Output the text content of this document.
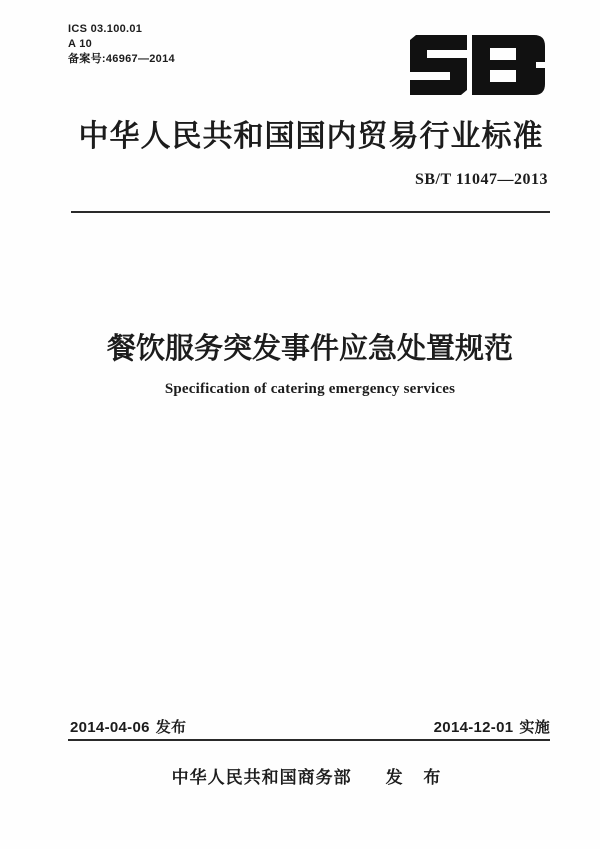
ICS 03.100.01
A 10
备案号:46967—2014
中华人民共和国国内贸易行业标准
SB/T 11047—2013
餐饮服务突发事件应急处置规范
Specification of catering emergency services
2014-04-06 发布	2014-12-01 实施
中华人民共和国商务部 发 布
